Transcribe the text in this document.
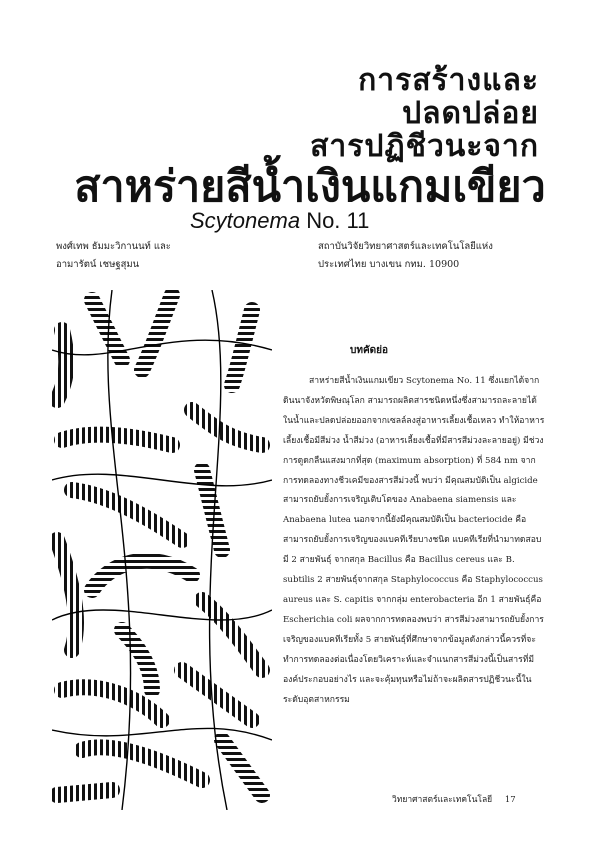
การสร้างและ
ปลดปล่อย
สารปฏิชีวนะจาก
สาหร่ายสีน้ำเงินแกมเขียว
Scytonema No. 11
พงศ์เทพ ธัมมะวิกานนท์ และ
อามารัตน์ เชษฐสุมน
สถาบันวิจัยวิทยาศาสตร์และเทคโนโลยีแห่ง
ประเทศไทย บางเขน กทม. 10900
บทคัดย่อ

สาหร่ายสีน้ำเงินแกมเขียว Scytonema No. 11 ซึ่งแยกได้จากดินนาจังหวัดพิษณุโลก สามารถผลิตสารชนิดหนึ่งซึ่งสามารถละลายได้ในน้ำและปลดปล่อยออกจากเซลล์ลงสู่อาหารเลี้ยงเชื้อเหลว ทำให้อาหารเลี้ยงเชื้อมีสีม่วง น้ำสีม่วง (อาหารเลี้ยงเชื้อที่มีสารสีม่วงละลายอยู่) มีช่วงการดูดกลืนแสงมากที่สุด (maximum absorption) ที่ 584 nm จากการทดลองทางชีวเคมีของสารสีม่วงนี้ พบว่า มีคุณสมบัติเป็น algicide สามารถยับยั้งการเจริญเติบโตของ Anabaena siamensis และ Anabaena lutea นอกจากนี้ยังมีคุณสมบัติเป็น bacteriocide คือ สามารถยับยั้งการเจริญของแบคทีเรียบางชนิด แบคทีเรียที่นำมาทดสอบมี 2 สายพันธุ์ จากสกุล Bacillus คือ Bacillus cereus และ B. subtilis 2 สายพันธุ์จากสกุล Staphylococcus คือ Staphylococcus aureus และ S. capitis จากกลุ่ม enterobacteria อีก 1 สายพันธุ์คือ Escherichia coli ผลจากการทดลองพบว่า สารสีม่วงสามารถยับยั้งการเจริญของแบคทีเรียทั้ง 5 สายพันธุ์ที่ศึกษาจากข้อมูลดังกล่าวนี้ควรที่จะทำการทดลองต่อเนื่องโดยวิเคราะห์และจำแนกสารสีม่วงนี้เป็นสารที่มีองค์ประกอบอย่างไร และจะคุ้มทุนหรือไม่ถ้าจะผลิตสารปฏิชีวนะนี้ในระดับอุตสาหกรรม

วิทยาศาสตร์และเทคโนโลยี 17
